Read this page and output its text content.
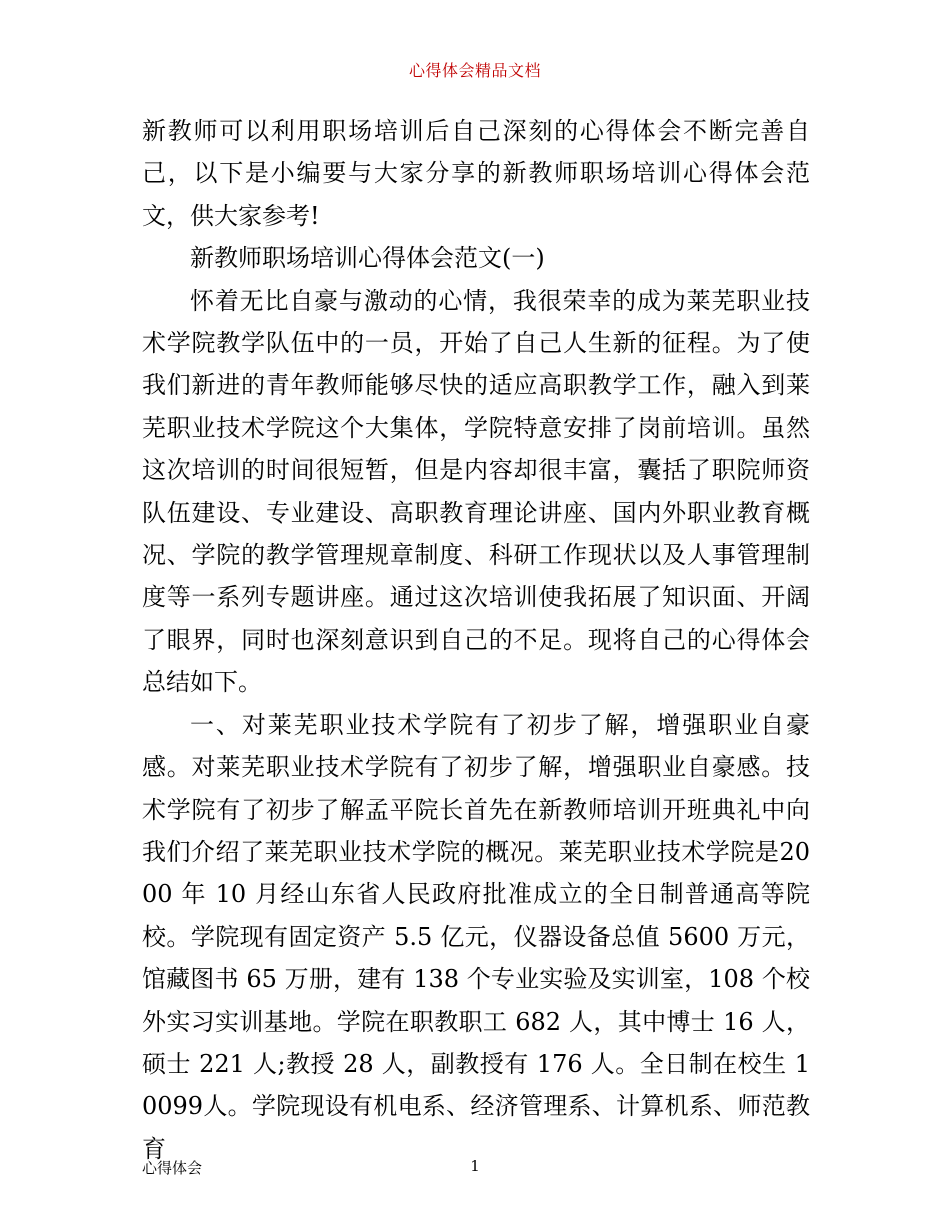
心得体会精品文档

新教师可以利用职场培训后自己深刻的心得体会不断完善自己，以下是小编要与大家分享的新教师职场培训心得体会范文，供大家参考!

新教师职场培训心得体会范文(一)

怀着无比自豪与激动的心情，我很荣幸的成为莱芜职业技术学院教学队伍中的一员，开始了自己人生新的征程。为了使我们新进的青年教师能够尽快的适应高职教学工作，融入到莱芜职业技术学院这个大集体，学院特意安排了岗前培训。虽然这次培训的时间很短暂，但是内容却很丰富，囊括了职院师资队伍建设、专业建设、高职教育理论讲座、国内外职业教育概况、学院的教学管理规章制度、科研工作现状以及人事管理制度等一系列专题讲座。通过这次培训使我拓展了知识面、开阔了眼界，同时也深刻意识到自己的不足。现将自己的心得体会总结如下。

一、对莱芜职业技术学院有了初步了解，增强职业自豪感。对莱芜职业技术学院有了初步了解，增强职业自豪感。技术学院有了初步了解孟平院长首先在新教师培训开班典礼中向我们介绍了莱芜职业技术学院的概况。莱芜职业技术学院是2000 年 10 月经山东省人民政府批准成立的全日制普通高等院校。学院现有固定资产 5.5 亿元，仪器设备总值 5600 万元，馆藏图书 65 万册，建有 138 个专业实验及实训室，108 个校外实习实训基地。学院在职教职工 682 人，其中博士 16 人，硕士 221 人;教授 28 人，副教授有 176 人。全日制在校生 10099人。学院现设有机电系、经济管理系、计算机系、师范教育

心得体会	1
